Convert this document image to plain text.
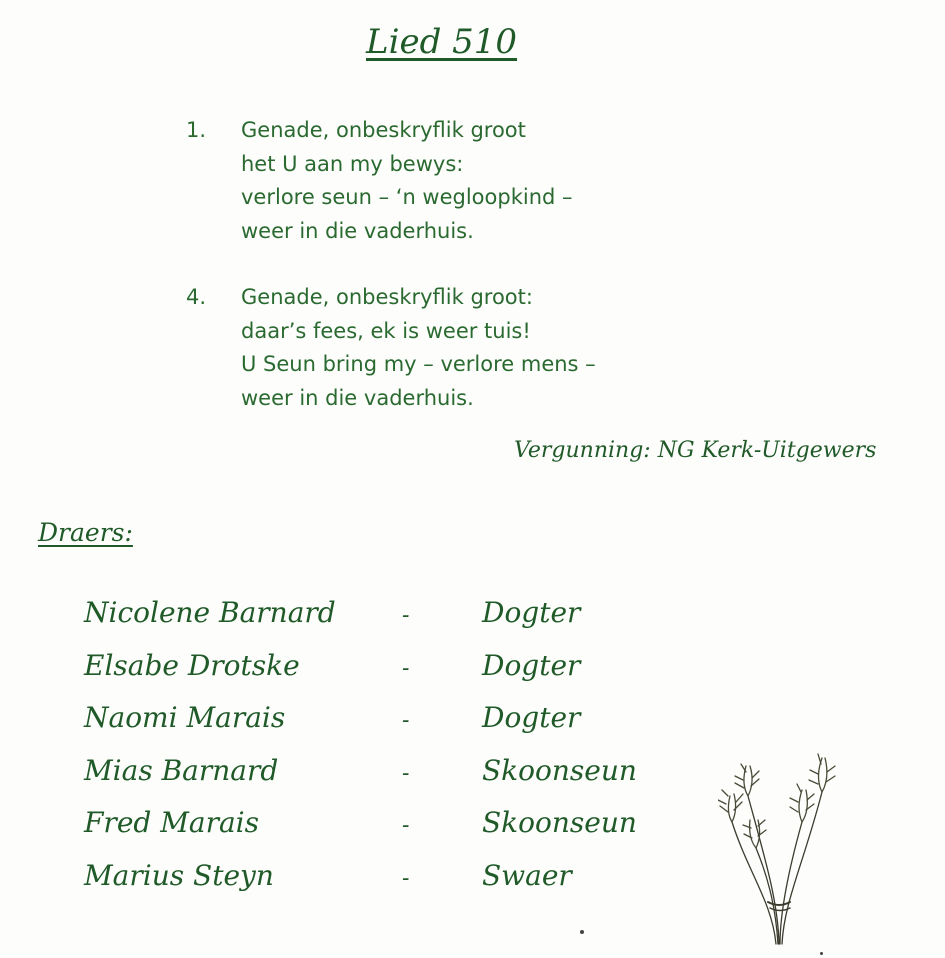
Lied 510
1.	Genade, onbeskryflik groot
het U aan my bewys:
verlore seun – ‘n wegloopkind –
weer in die vaderhuis.
4.	Genade, onbeskryflik groot:
daar’s fees, ek is weer tuis!
U Seun bring my – verlore mens –
weer in die vaderhuis.
Vergunning: NG Kerk-Uitgewers
Draers:
Nicolene Barnard	-	Dogter
Elsabe Drotske	-	Dogter
Naomi Marais	-	Dogter
Mias Barnard	-	Skoonseun
Fred Marais	-	Skoonseun
Marius Steyn	-	Swaer
